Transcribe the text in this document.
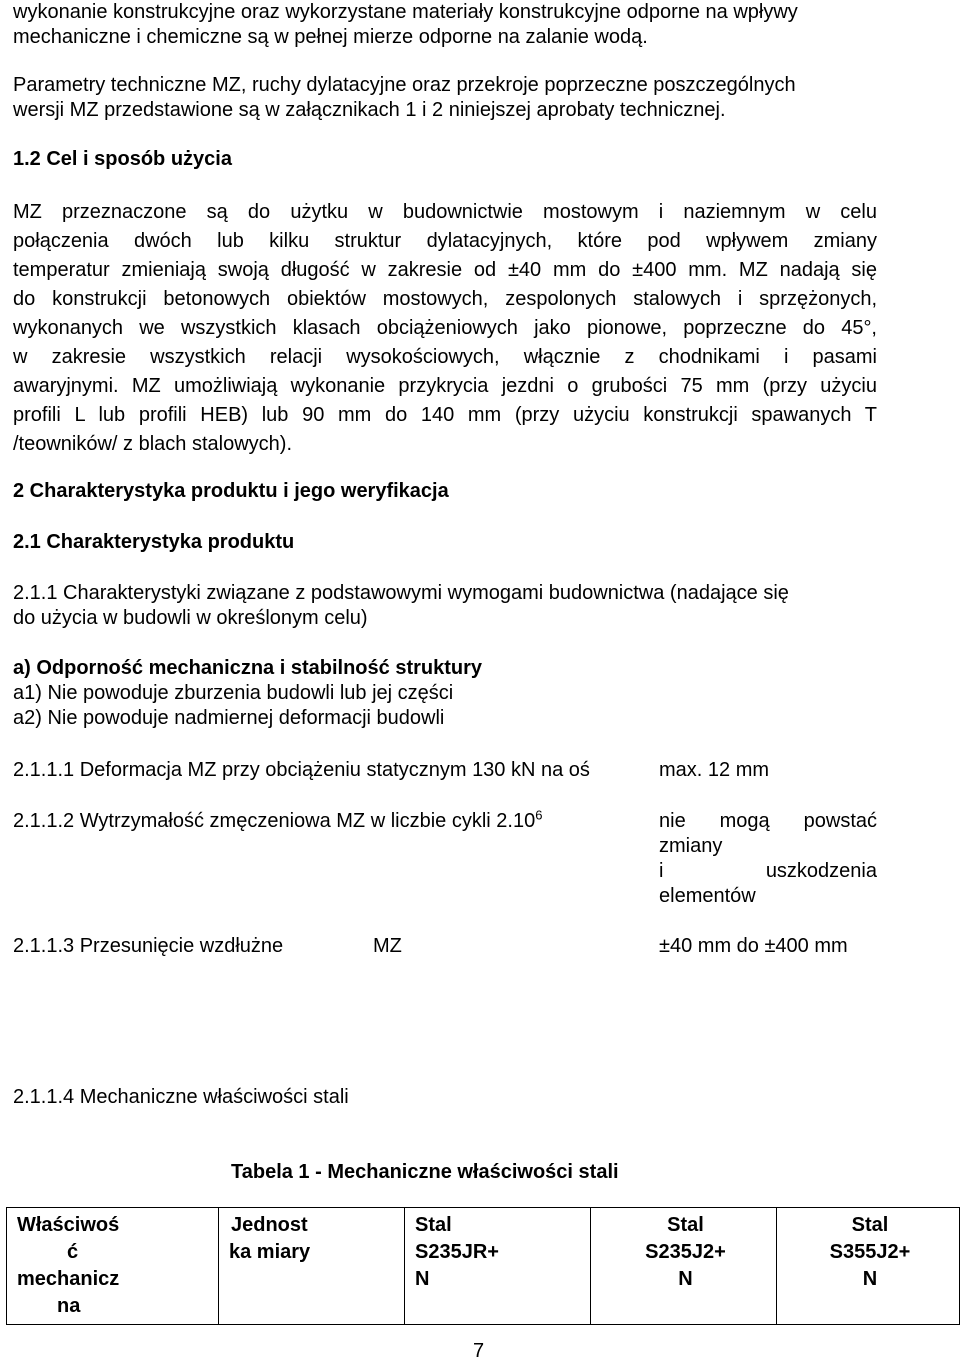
wykonanie konstrukcyjne oraz wykorzystane materiały konstrukcyjne odporne na wpływy
mechaniczne i chemiczne są w pełnej mierze odporne na zalanie wodą.
Parametry techniczne MZ, ruchy dylatacyjne oraz przekroje poprzeczne poszczególnych
wersji MZ przedstawione są w załącznikach 1 i 2 niniejszej aprobaty technicznej.
1.2 Cel i sposób użycia
MZ przeznaczone są do użytku w budownictwie mostowym i naziemnym w celu
połączenia dwóch lub kilku struktur dylatacyjnych, które pod wpływem zmiany
temperatur zmieniają swoją długość w zakresie od ±40 mm do ±400 mm. MZ nadają się
do konstrukcji betonowych obiektów mostowych, zespolonych stalowych i sprzężonych,
wykonanych we wszystkich klasach obciążeniowych jako pionowe, poprzeczne do 45°,
w zakresie wszystkich relacji wysokościowych, włącznie z chodnikami i pasami
awaryjnymi. MZ umożliwiają wykonanie przykrycia jezdni o grubości 75 mm (przy użyciu
profili L lub profili HEB) lub 90 mm do 140 mm (przy użyciu konstrukcji spawanych T
/teowników/ z blach stalowych).
2 Charakterystyka produktu i jego weryfikacja
2.1 Charakterystyka produktu
2.1.1 Charakterystyki związane z podstawowymi wymogami budownictwa (nadające się
do użycia w budowli w określonym celu)
a) Odporność mechaniczna i stabilność struktury
a1) Nie powoduje zburzenia budowli lub jej części
a2) Nie powoduje nadmiernej deformacji budowli
2.1.1.1 Deformacja MZ przy obciążeniu statycznym 130 kN na oś	max. 12 mm
2.1.1.2 Wytrzymałość zmęczeniowa MZ w liczbie cykli 2.10$^6$	nie mogą powstać
zmiany
i uszkodzenia
elementów
2.1.1.3 Przesunięcie wzdłużne	MZ	±40 mm do ±400 mm
2.1.1.4 Mechaniczne właściwości stali
Tabela 1 - Mechaniczne właściwości stali
Właściwoś
ć
mechanicz
na

Jednost
ka miary

Stal
S235JR+
N

Stal
S235J2+
N

Stal
S355J2+
N
7
